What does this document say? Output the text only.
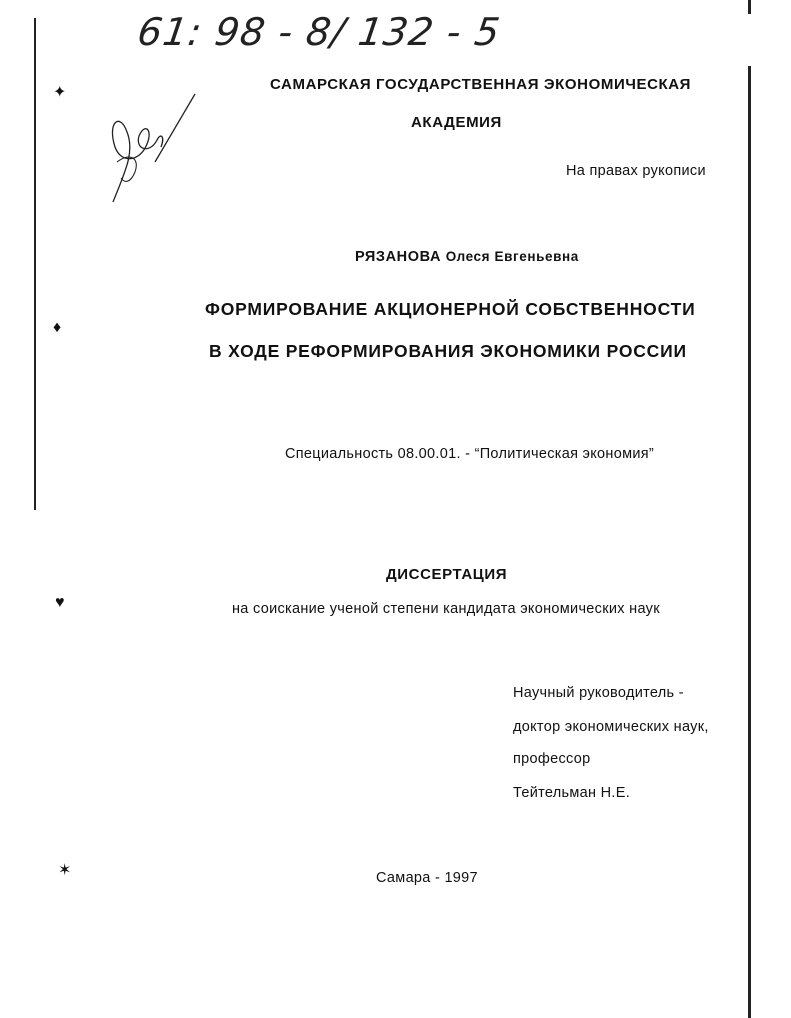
61: 98 - 8/ 132 - 5
✦
♦
♥
✶
САМАРСКАЯ ГОСУДАРСТВЕННАЯ ЭКОНОМИЧЕСКАЯ
АКАДЕМИЯ
На правах рукописи
РЯЗАНОВА Олеся Евгеньевна
ФОРМИРОВАНИЕ АКЦИОНЕРНОЙ СОБСТВЕННОСТИ
В ХОДЕ РЕФОРМИРОВАНИЯ ЭКОНОМИКИ РОССИИ
Специальность 08.00.01. - “Политическая экономия”
ДИССЕРТАЦИЯ
на соискание ученой степени кандидата экономических наук
Научный руководитель -
доктор экономических наук,
профессор
Тейтельман Н.Е.
Самара - 1997
